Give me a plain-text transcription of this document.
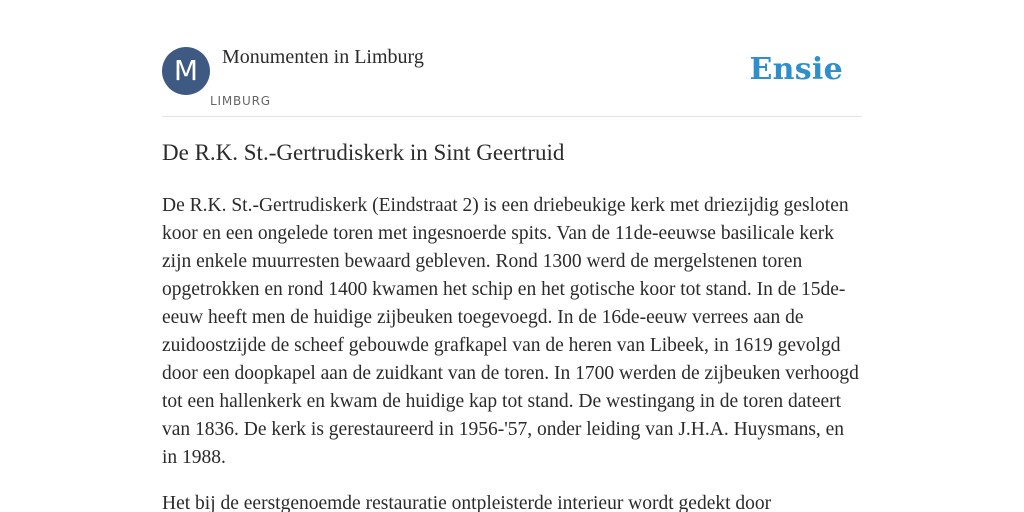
M	Monumenten in Limburg
LIMBURG
Ensie
De R.K. St.-Gertrudiskerk in Sint Geertruid

De R.K. St.-Gertrudiskerk (Eindstraat 2) is een driebeukige kerk met driezijdig gesloten koor en een ongelede toren met ingesnoerde spits. Van de 11de-eeuwse basilicale kerk zijn enkele muurresten bewaard gebleven. Rond 1300 werd de mergelstenen toren opgetrokken en rond 1400 kwamen het schip en het gotische koor tot stand. In de 15de-eeuw heeft men de huidige zijbeuken toegevoegd. In de 16de-eeuw verrees aan de zuidoostzijde de scheef gebouwde grafkapel van de heren van Libeek, in 1619 gevolgd door een doopkapel aan de zuidkant van de toren. In 1700 werden de zijbeuken verhoogd tot een hallenkerk en kwam de huidige kap tot stand. De westingang in de toren dateert van 1836. De kerk is gerestaureerd in 1956-'57, onder leiding van J.H.A. Huysmans, en in 1988.

Het bij de eerstgenoemde restauratie ontpleisterde interieur wordt gedekt door
